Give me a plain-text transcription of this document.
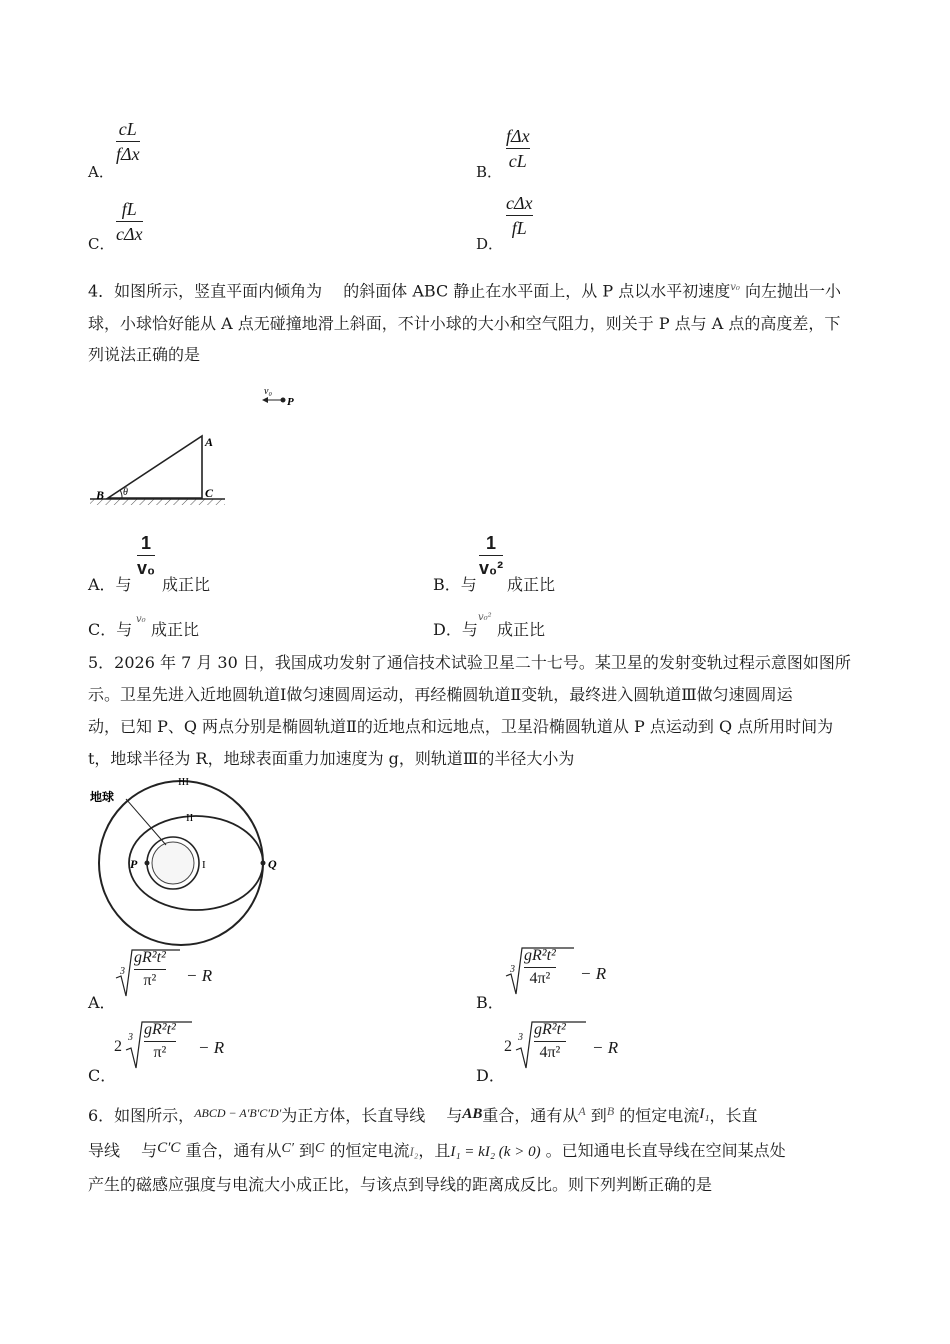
A．
cL
fΔx
B．
fΔx
cL
C．
fL
cΔx	D．
cΔx
fL
4．如图所示，竖直平面内倾角为　 的斜面体 ABC 静止在水平面上，从 P 点以水平初速度$^{v_0}$ 向左抛出一小
球，小球恰好能从 A 点无碰撞地滑上斜面，不计小球的大小和空气阻力，则关于 P 点与 A 点的高度差，下
列说法正确的是
v₀
P
A
B	C
θ
A．与
1
v₀
成正比	B．与
1
v₀²
成正比
C．与
v₀
成正比	D．与
v₀²
成正比
5．2026 年 7 月 30 日，我国成功发射了通信技术试验卫星二十七号。某卫星的发射变轨过程示意图如图所
示。卫星先进入近地圆轨道Ⅰ做匀速圆周运动，再经椭圆轨道Ⅱ变轨，最终进入圆轨道Ⅲ做匀速圆周运
动，已知 P、Q 两点分别是椭圆轨道Ⅱ的近地点和远地点，卫星沿椭圆轨道从 P 点运动到 Q 点所用时间为
t，地球半径为 R，地球表面重力加速度为 g，则轨道Ⅲ的半径大小为
地球
III
II
I
P	Q
A．
3
gR²t²
π² − R
B．
3
gR²t²
4π² − R
C．
2
3 gR²t²
π² − R
D．
2
3 gR²t²
4π² − R
6．如图所示，$^{ABCD - A'B'C'D'}$为正方体，长直导线　 与AB重合，通有从$^A$ 到$^B$ 的恒定电流I₁，长直
导线　 与C′C 重合，通有从C′ 到C 的恒定电流I₂，且I₁ = kI₂ (k > 0) 。已知通电长直导线在空间某点处
产生的磁感应强度与电流大小成正比，与该点到导线的距离成反比。则下列判断正确的是
